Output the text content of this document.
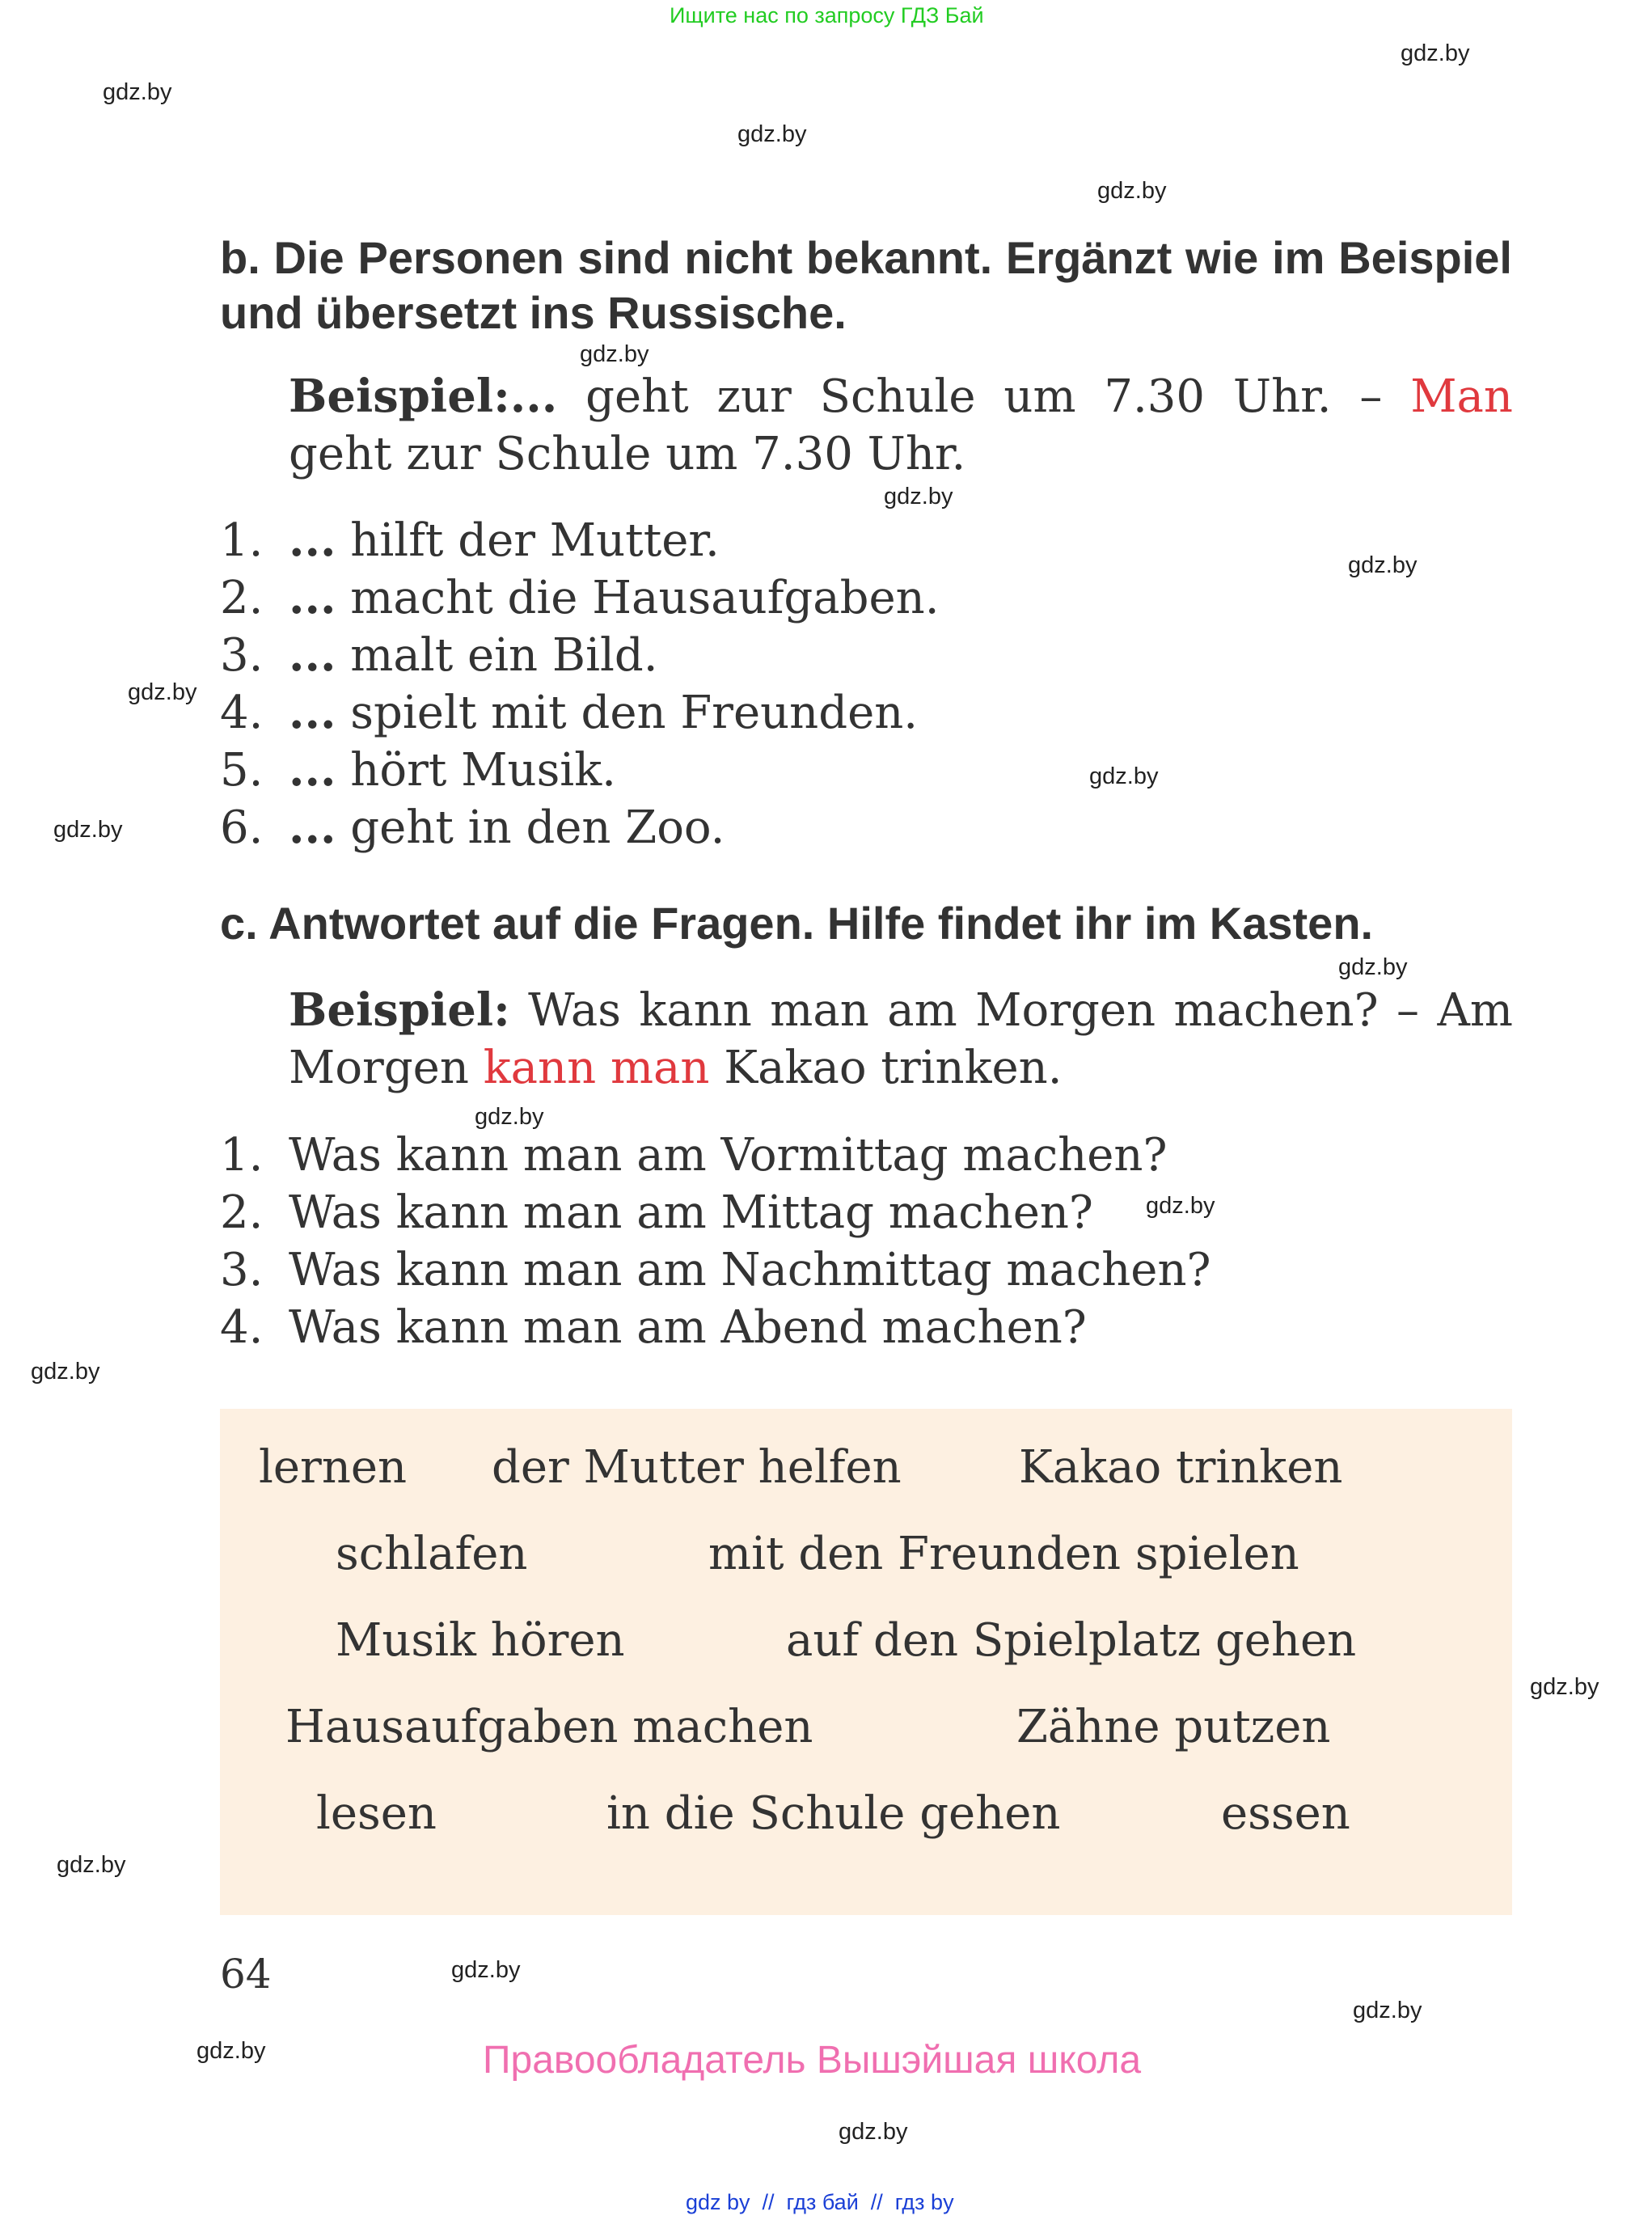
Ищите нас по запросу ГДЗ Бай
gdz.by
gdz.by
gdz.by
gdz.by
gdz.by
gdz.by
gdz.by
gdz.by
gdz.by
gdz.by
gdz.by
gdz.by
gdz.by
gdz.by
gdz.by
gdz.by
gdz.by
gdz.by
gdz.by
gdz.by
b. Die Personen sind nicht bekannt. Ergänzt wie im Beispiel und übersetzt ins Russische.
Beispiel:... geht zur Schule um 7.30 Uhr. – Man geht zur Schule um 7.30 Uhr.
1. ... hilft der Mutter.
2. ... macht die Hausaufgaben.
3. ... malt ein Bild.
4. ... spielt mit den Freunden.
5. ... hört Musik.
6. ... geht in den Zoo.
c. Antwortet auf die Fragen. Hilfe findet ihr im Kasten.
Beispiel: Was kann man am Morgen machen? – Am Morgen kann man Kakao trinken.
1. Was kann man am Vormittag machen?
2. Was kann man am Mittag machen?
3. Was kann man am Nachmittag machen?
4. Was kann man am Abend machen?
lernen der Mutter helfen	Kakao trinken
schlafen	mit den Freunden spielen
Musik hören	auf den Spielplatz gehen
Hausaufgaben machen	Zähne putzen
lesen	in die Schule gehen	essen
64
Правообладатель Вышэйшая школа
gdz by  //  гдз бай  //  гдз by
